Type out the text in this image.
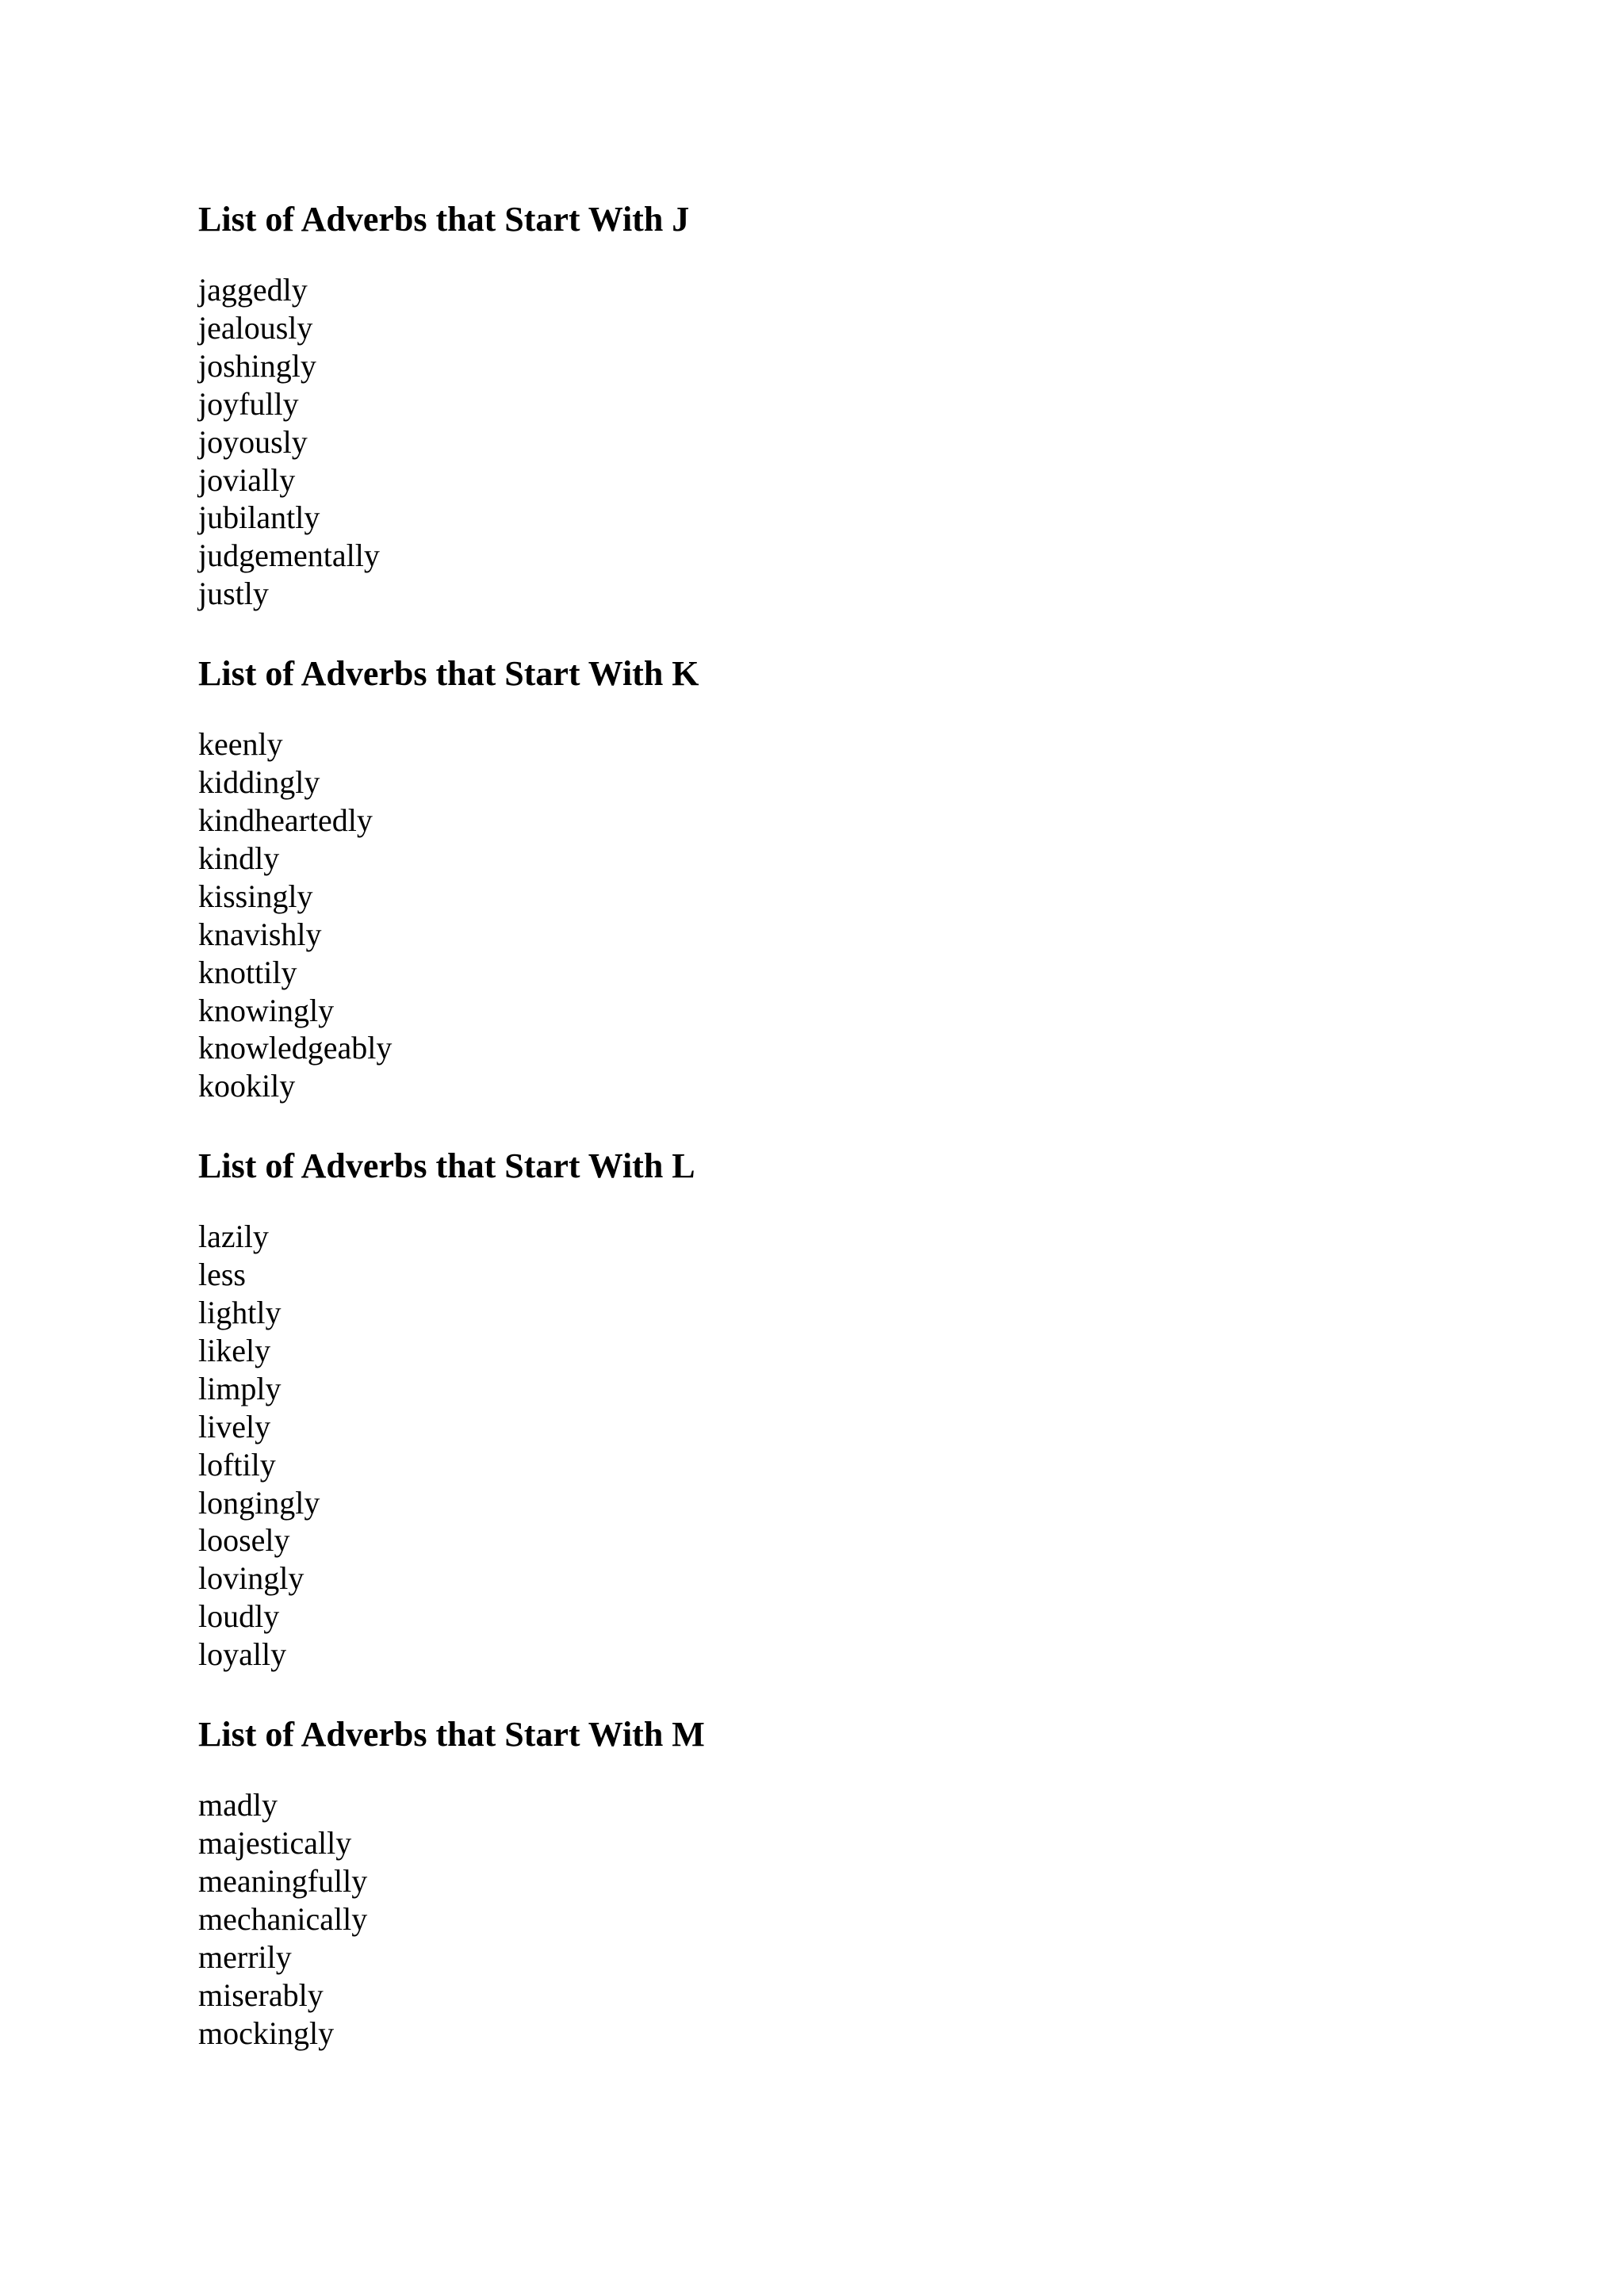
List of Adverbs that Start With J
jaggedly
jealously
joshingly
joyfully
joyously
jovially
jubilantly
judgementally
justly
List of Adverbs that Start With K
keenly
kiddingly
kindheartedly
kindly
kissingly
knavishly
knottily
knowingly
knowledgeably
kookily
List of Adverbs that Start With L
lazily
less
lightly
likely
limply
lively
loftily
longingly
loosely
lovingly
loudly
loyally
List of Adverbs that Start With M
madly
majestically
meaningfully
mechanically
merrily
miserably
mockingly
